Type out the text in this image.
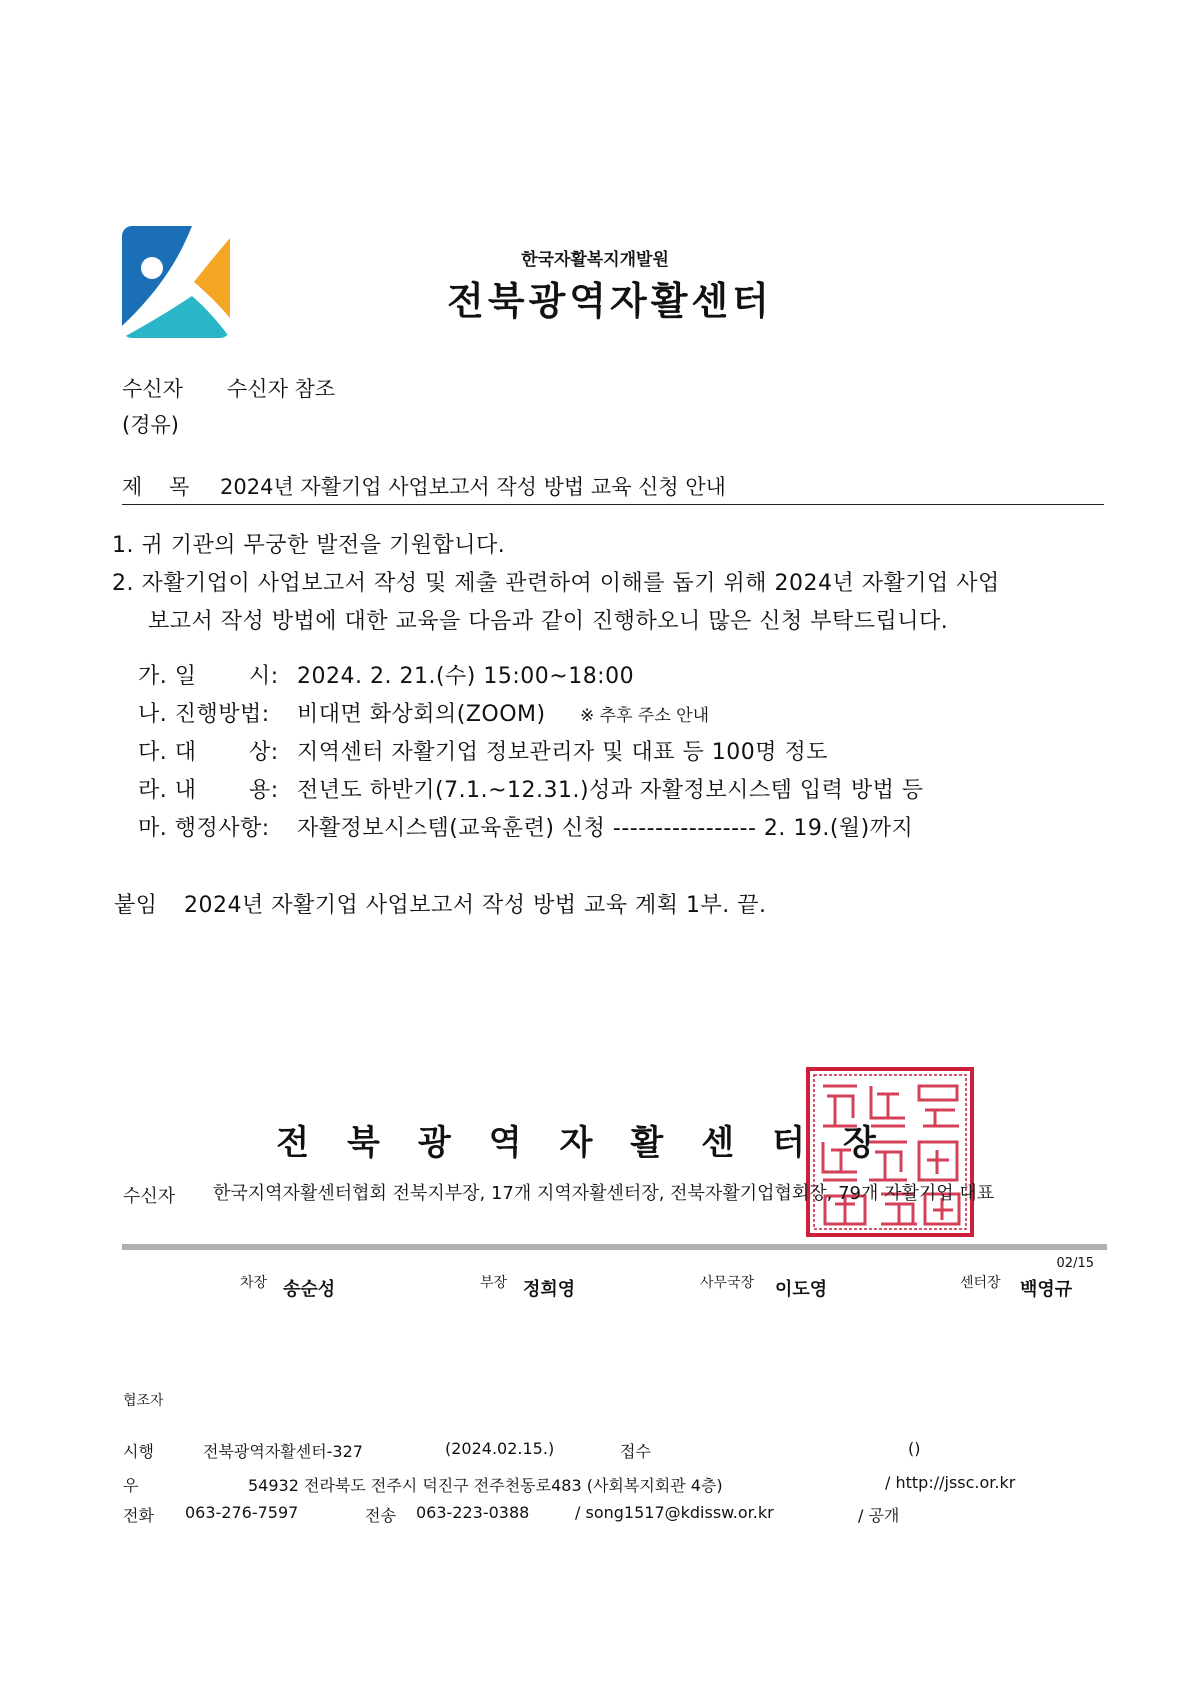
한국자활복지개발원
전북광역자활센터
수신자 수신자 참조
(경유)
제    목 2024년 자활기업 사업보고서 작성 방법 교육 신청 안내
1. 귀 기관의 무궁한 발전을 기원합니다.
2. 자활기업이 사업보고서 작성 및 제출 관련하여 이해를 돕기 위해 2024년 자활기업 사업
보고서 작성 방법에 대한 교육을 다음과 같이 진행하오니 많은 신청 부탁드립니다.
가. 일       시: 2024. 2. 21.(수) 15:00~18:00
나. 진행방법: 비대면 화상회의(ZOOM) ※ 추후 주소 안내
다. 대       상: 지역센터 자활기업 정보관리자 및 대표 등 100명 정도
라. 내       용: 전년도 하반기(7.1.~12.31.)성과 자활정보시스템 입력 방법 등
마. 행정사항: 자활정보시스템(교육훈련) 신청 ----------------- 2. 19.(월)까지
붙임 2024년 자활기업 사업보고서 작성 방법 교육 계획 1부. 끝.
전북광역자활센터장
수신자 한국지역자활센터협회 전북지부장, 17개 지역자활센터장, 전북자활기업협회장, 79개 자활기업 대표
02/15
차장 송순성	부장 정희영	사무국장 이도영	센터장 백영규
협조자
시행	전북광역자활센터-327	(2024.02.15.)	접수	()
우	54932 전라북도 전주시 덕진구 전주천동로483 (사회복지회관 4층)	/ http://jssc.or.kr
전화 063-276-7597	전송 063-223-0388	/ song1517@kdissw.or.kr	/ 공개
